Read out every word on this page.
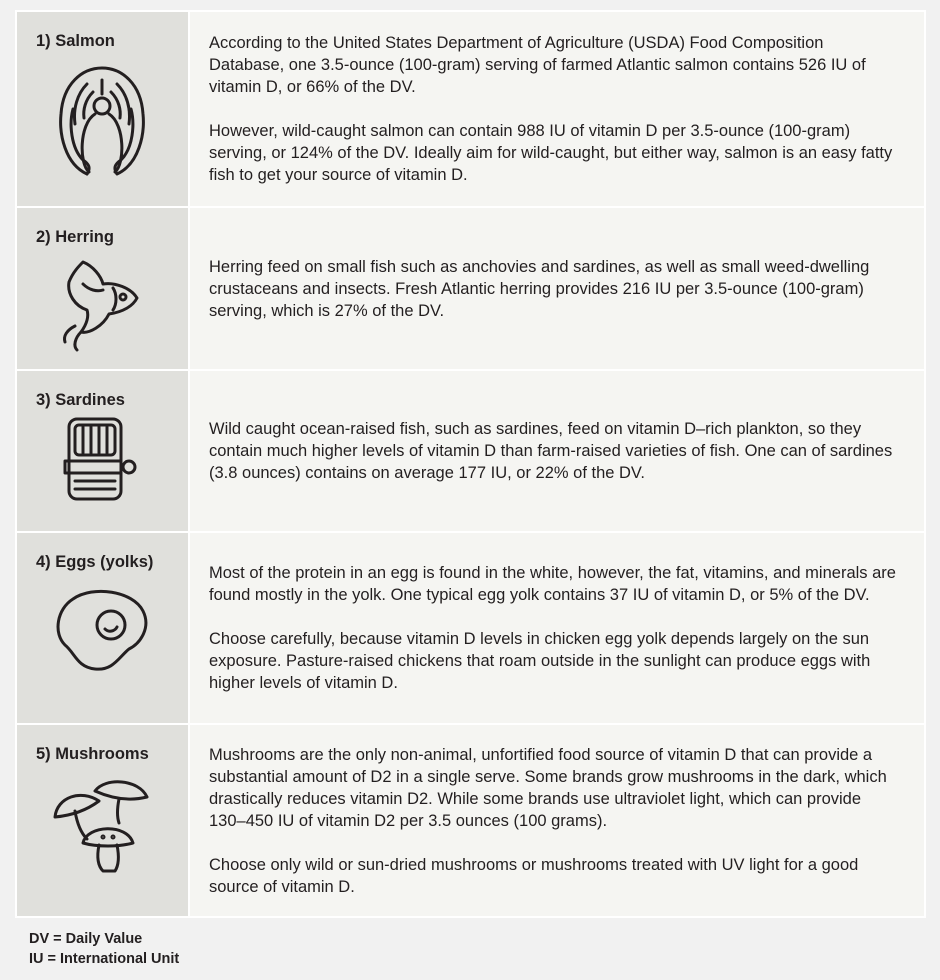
1) Salmon	According to the United States Department of Agriculture (USDA) Food Composition Database, one 3.5-ounce (100-gram) serving of farmed Atlantic salmon contains 526 IU of vitamin D, or 66% of the DV.

However, wild-caught salmon can contain 988 IU of vitamin D per 3.5-ounce (100-gram) serving, or 124% of the DV. Ideally aim for wild-caught, but either way, salmon is an easy fatty fish to get your source of vitamin D.

2) Herring

Herring feed on small fish such as anchovies and sardines, as well as small weed-dwelling crustaceans and insects. Fresh Atlantic herring provides 216 IU per 3.5-ounce (100-gram) serving, which is 27% of the DV.

3) Sardines

Wild caught ocean-raised fish, such as sardines, feed on vitamin D–rich plankton, so they contain much higher levels of vitamin D than farm-raised varieties of fish. One can of sardines (3.8 ounces) contains on average 177 IU, or 22% of the DV.

4) Eggs (yolks)

Most of the protein in an egg is found in the white, however, the fat, vitamins, and minerals are found mostly in the yolk. One typical egg yolk contains 37 IU of vitamin D, or 5% of the DV.

Choose carefully, because vitamin D levels in chicken egg yolk depends largely on the sun exposure. Pasture-raised chickens that roam outside in the sunlight can produce eggs with higher levels of vitamin D.

5) Mushrooms	Mushrooms are the only non-animal, unfortified food source of vitamin D that can provide a substantial amount of D2 in a single serve. Some brands grow mushrooms in the dark, which drastically reduces vitamin D2. While some brands use ultraviolet light, which can provide 130–450 IU of vitamin D2 per 3.5 ounces (100 grams).

Choose only wild or sun-dried mushrooms or mushrooms treated with UV light for a good source of vitamin D.

DV = Daily Value
IU = International Unit
